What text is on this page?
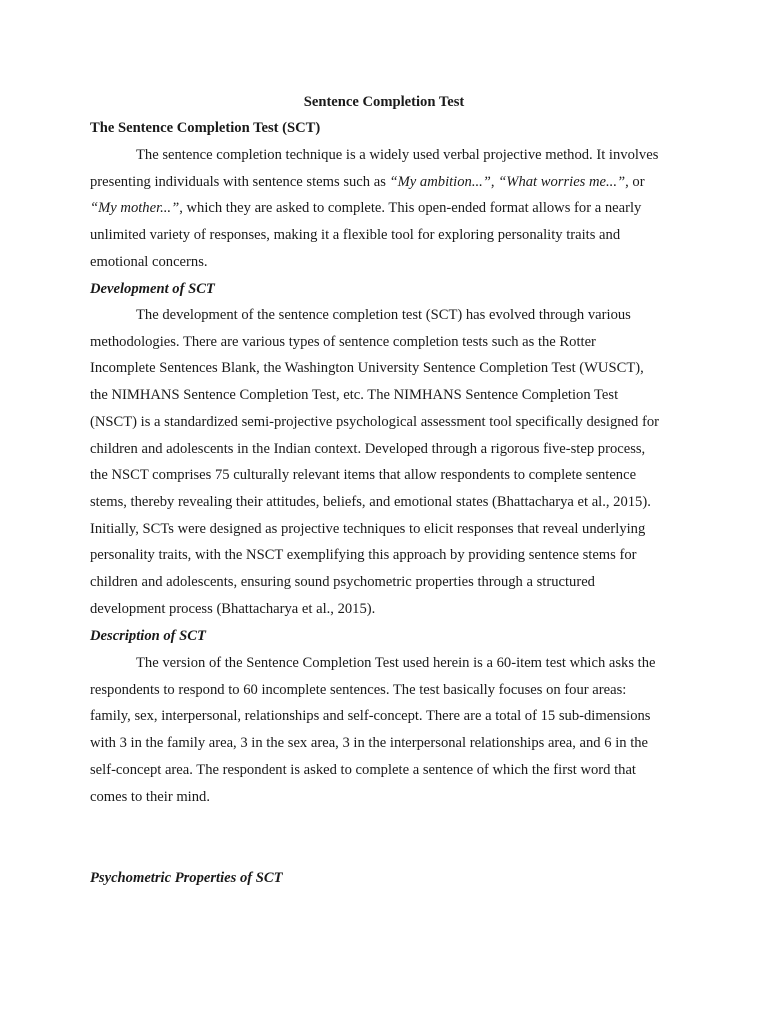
Sentence Completion Test
The Sentence Completion Test (SCT)

The sentence completion technique is a widely used verbal projective method. It involves
presenting individuals with sentence stems such as “My ambition...”, “What worries me...”, or
“My mother...”, which they are asked to complete. This open-ended format allows for a nearly
unlimited variety of responses, making it a flexible tool for exploring personality traits and
emotional concerns.

Development of SCT

The development of the sentence completion test (SCT) has evolved through various
methodologies. There are various types of sentence completion tests such as the Rotter
Incomplete Sentences Blank, the Washington University Sentence Completion Test (WUSCT),
the NIMHANS Sentence Completion Test, etc. The NIMHANS Sentence Completion Test
(NSCT) is a standardized semi-projective psychological assessment tool specifically designed for
children and adolescents in the Indian context. Developed through a rigorous five-step process,
the NSCT comprises 75 culturally relevant items that allow respondents to complete sentence
stems, thereby revealing their attitudes, beliefs, and emotional states (Bhattacharya et al., 2015).
Initially, SCTs were designed as projective techniques to elicit responses that reveal underlying
personality traits, with the NSCT exemplifying this approach by providing sentence stems for
children and adolescents, ensuring sound psychometric properties through a structured
development process (Bhattacharya et al., 2015).

Description of SCT

The version of the Sentence Completion Test used herein is a 60-item test which asks the
respondents to respond to 60 incomplete sentences. The test basically focuses on four areas:
family, sex, interpersonal, relationships and self-concept. There are a total of 15 sub-dimensions
with 3 in the family area, 3 in the sex area, 3 in the interpersonal relationships area, and 6 in the
self-concept area. The respondent is asked to complete a sentence of which the first word that
comes to their mind.

Psychometric Properties of SCT
